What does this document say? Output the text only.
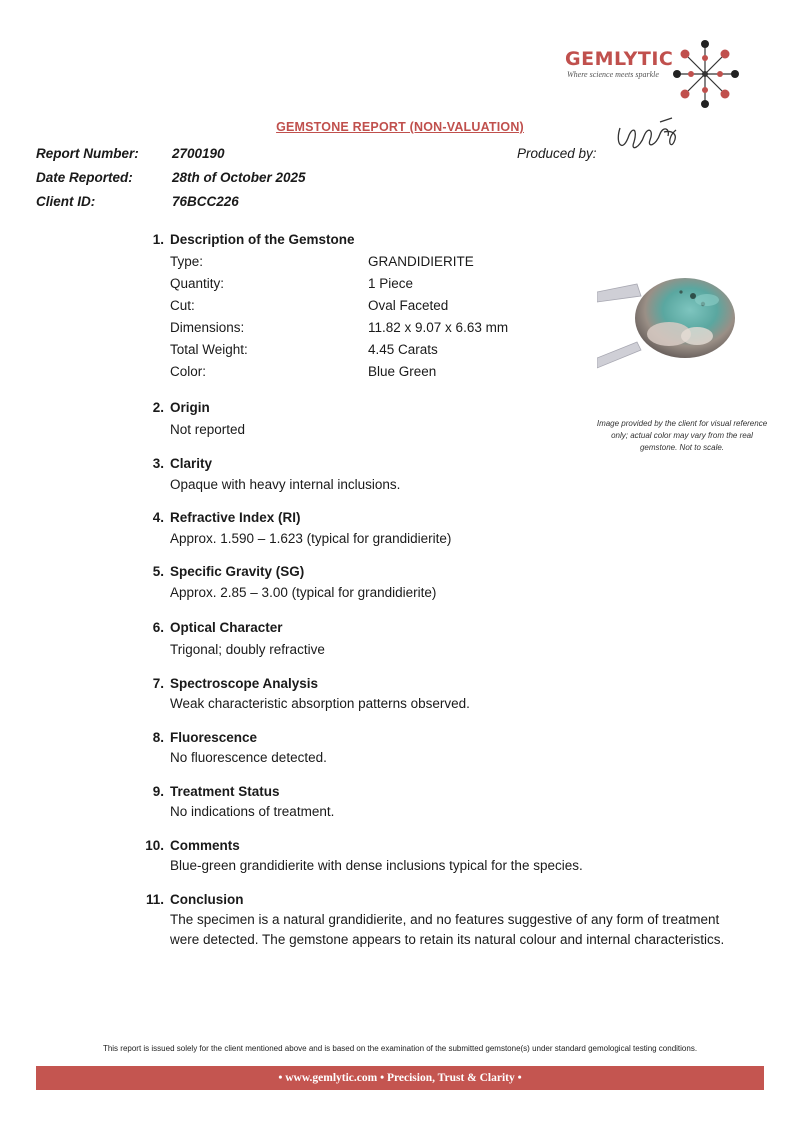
GEMLYTIC
Where science meets sparkle
GEMSTONE REPORT (NON-VALUATION)
Report Number: 2700190	Produced by:
Date Reported:	28th of October 2025
Client ID:	76BCC226
1. Description of the Gemstone
Type:	GRANDIDIERITE
Quantity:	1 Piece
Cut:	Oval Faceted
Dimensions:	11.82 x 9.07 x 6.63 mm
Total Weight:	4.45 Carats
Color:	Blue Green
Image provided by the client for visual reference only; actual color may vary from the real gemstone. Not to scale.
2. Origin
Not reported
3. Clarity
Opaque with heavy internal inclusions.
4. Refractive Index (RI)
Approx. 1.590 – 1.623 (typical for grandidierite)
5. Specific Gravity (SG)
Approx. 2.85 – 3.00 (typical for grandidierite)
6. Optical Character
Trigonal; doubly refractive
7. Spectroscope Analysis
Weak characteristic absorption patterns observed.
8. Fluorescence
No fluorescence detected.
9. Treatment Status
No indications of treatment.
10. Comments
Blue-green grandidierite with dense inclusions typical for the species.
11. Conclusion
The specimen is a natural grandidierite, and no features suggestive of any form of treatment were detected. The gemstone appears to retain its natural colour and internal characteristics.
This report is issued solely for the client mentioned above and is based on the examination of the submitted gemstone(s) under standard gemological testing conditions.
• www.gemlytic.com • Precision, Trust & Clarity •
